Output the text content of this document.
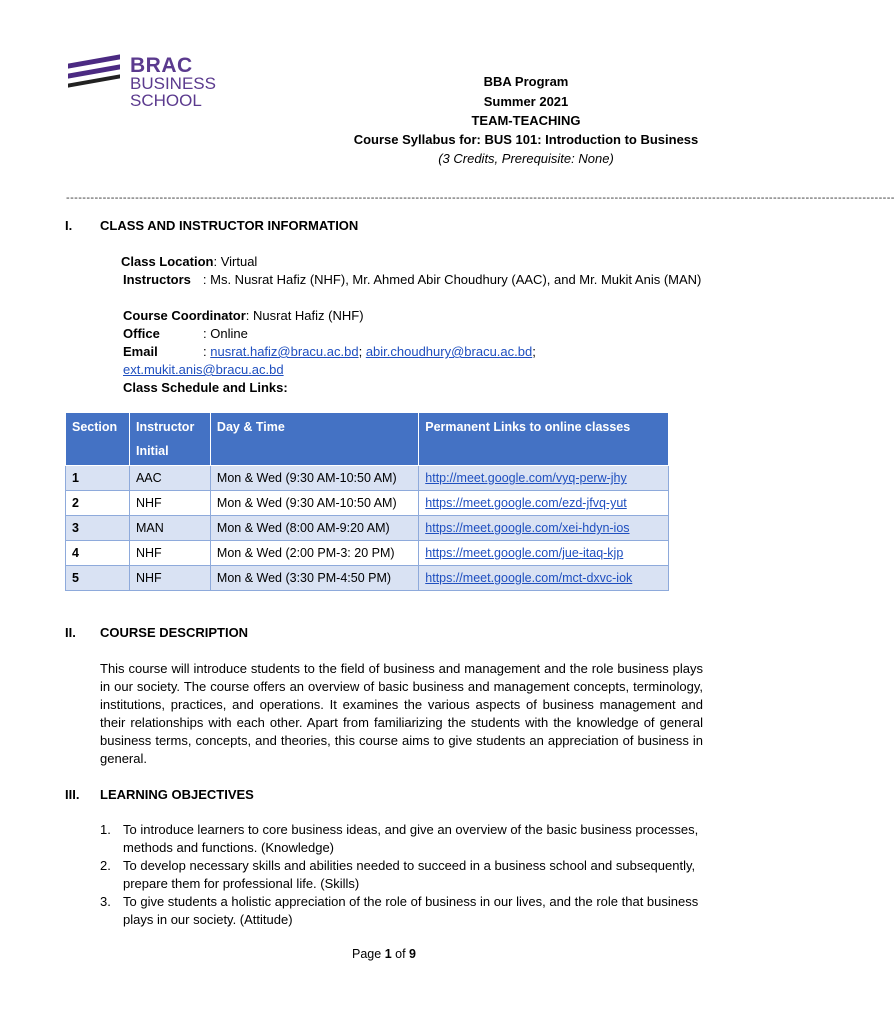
BRAC
BUSINESS
SCHOOL
BBA Program
Summer 2021
TEAM-TEACHING
Course Syllabus for: BUS 101: Introduction to Business
(3 Credits, Prerequisite: None)
------------------------------------------------------------------------------------------------------------------------------------------------------------------------------------------------------------
I. CLASS AND INSTRUCTOR INFORMATION
Class Location: Virtual
Instructors : Ms. Nusrat Hafiz (NHF), Mr. Ahmed Abir Choudhury (AAC), and Mr. Mukit Anis (MAN)
Course Coordinator: Nusrat Hafiz (NHF)
Office	: Online
Email	: nusrat.hafiz@bracu.ac.bd; abir.choudhury@bracu.ac.bd;
ext.mukit.anis@bracu.ac.bd
Class Schedule and Links:
Section	Instructor Initial	Day & Time	Permanent Links to online classes
1	AAC	Mon & Wed (9:30 AM-10:50 AM)	http://meet.google.com/vyq-perw-jhy
2	NHF	Mon & Wed (9:30 AM-10:50 AM)	https://meet.google.com/ezd-jfvq-yut
3	MAN	Mon & Wed (8:00 AM-9:20 AM)	https://meet.google.com/xei-hdyn-ios
4	NHF	Mon & Wed (2:00 PM-3: 20 PM)	https://meet.google.com/jue-itaq-kjp
5	NHF	Mon & Wed (3:30 PM-4:50 PM)	https://meet.google.com/mct-dxvc-iok
II. COURSE DESCRIPTION
This course will introduce students to the field of business and management and the role business plays in our society. The course offers an overview of basic business and management concepts, terminology, institutions, practices, and operations. It examines the various aspects of business management and their relationships with each other. Apart from familiarizing the students with the knowledge of general business terms, concepts, and theories, this course aims to give students an appreciation of business in general.
III. LEARNING OBJECTIVES
1. To introduce learners to core business ideas, and give an overview of the basic business processes, methods and functions. (Knowledge)
2. To develop necessary skills and abilities needed to succeed in a business school and subsequently, prepare them for professional life. (Skills)
3. To give students a holistic appreciation of the role of business in our lives, and the role that business plays in our society. (Attitude)
Page 1 of 9
